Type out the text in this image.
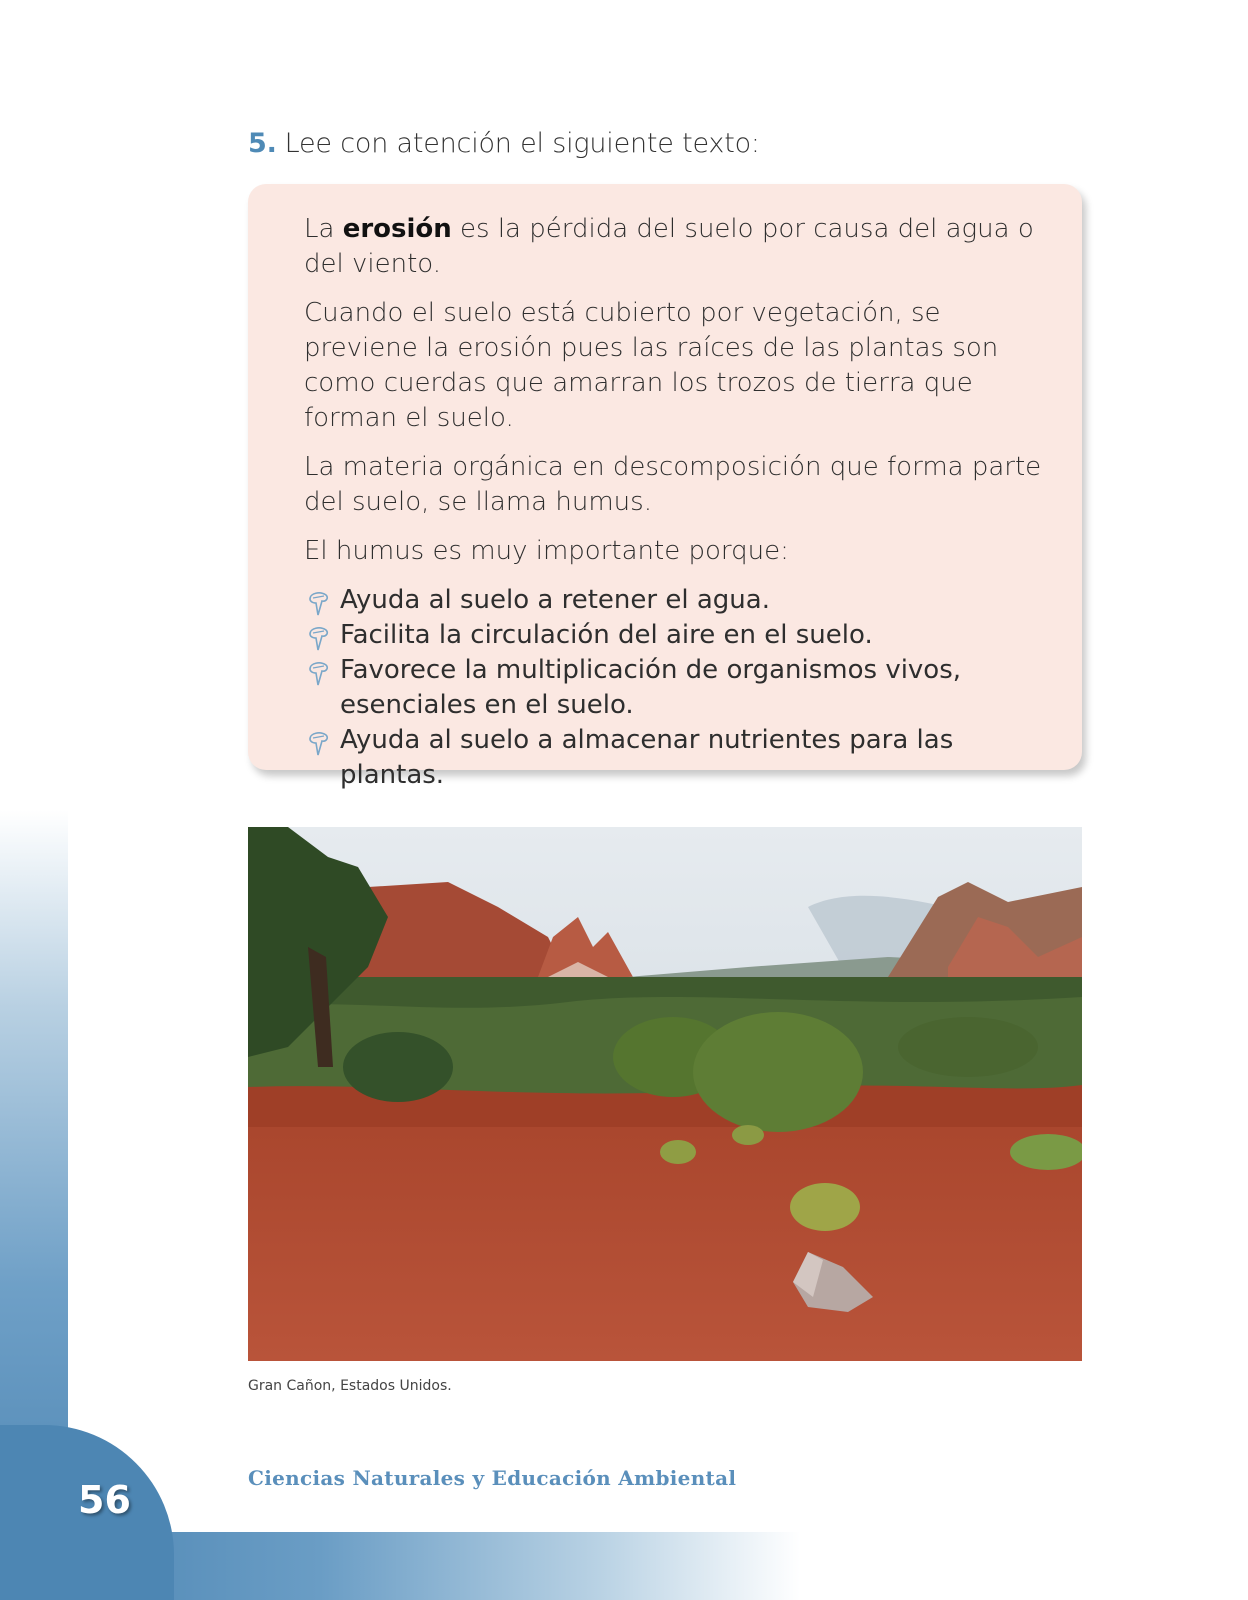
5. Lee con atención el siguiente texto:

La erosión es la pérdida del suelo por causa del agua o del viento.

Cuando el suelo está cubierto por vegetación, se previene la erosión pues las raíces de las plantas son como cuerdas que amarran los trozos de tierra que forman el suelo.

La materia orgánica en descomposición que forma parte del suelo, se llama humus.

El humus es muy importante porque:

Ayuda al suelo a retener el agua.
Facilita la circulación del aire en el suelo.
Favorece la multiplicación de organismos vivos, esenciales en el suelo.
Ayuda al suelo a almacenar nutrientes para las plantas.
Gran Cañon, Estados Unidos.
56	Ciencias Naturales y Educación Ambiental
